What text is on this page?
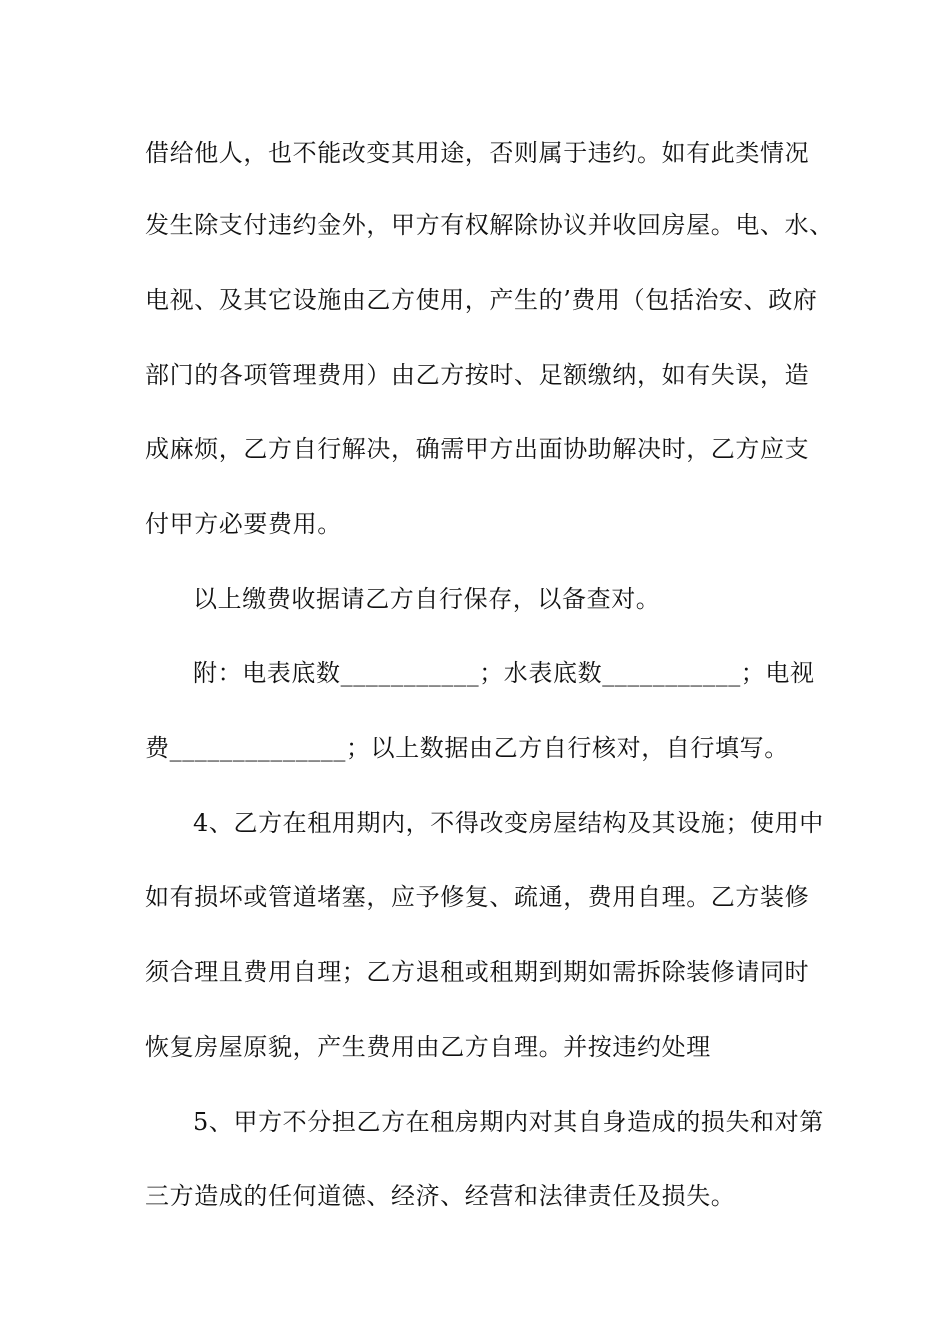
借给他人，也不能改变其用途，否则属于违约。如有此类情况
发生除支付违约金外，甲方有权解除协议并收回房屋。电、水、
电视、及其它设施由乙方使用，产生的’费用（包括治安、政府
部门的各项管理费用）由乙方按时、足额缴纳，如有失误，造
成麻烦，乙方自行解决，确需甲方出面协助解决时，乙方应支
付甲方必要费用。
以上缴费收据请乙方自行保存，以备查对。
附：电表底数___________；水表底数___________；电视
费______________；以上数据由乙方自行核对，自行填写。
4、乙方在租用期内，不得改变房屋结构及其设施；使用中
如有损坏或管道堵塞，应予修复、疏通，费用自理。乙方装修
须合理且费用自理；乙方退租或租期到期如需拆除装修请同时
恢复房屋原貌，产生费用由乙方自理。并按违约处理
5、甲方不分担乙方在租房期内对其自身造成的损失和对第
三方造成的任何道德、经济、经营和法律责任及损失。
